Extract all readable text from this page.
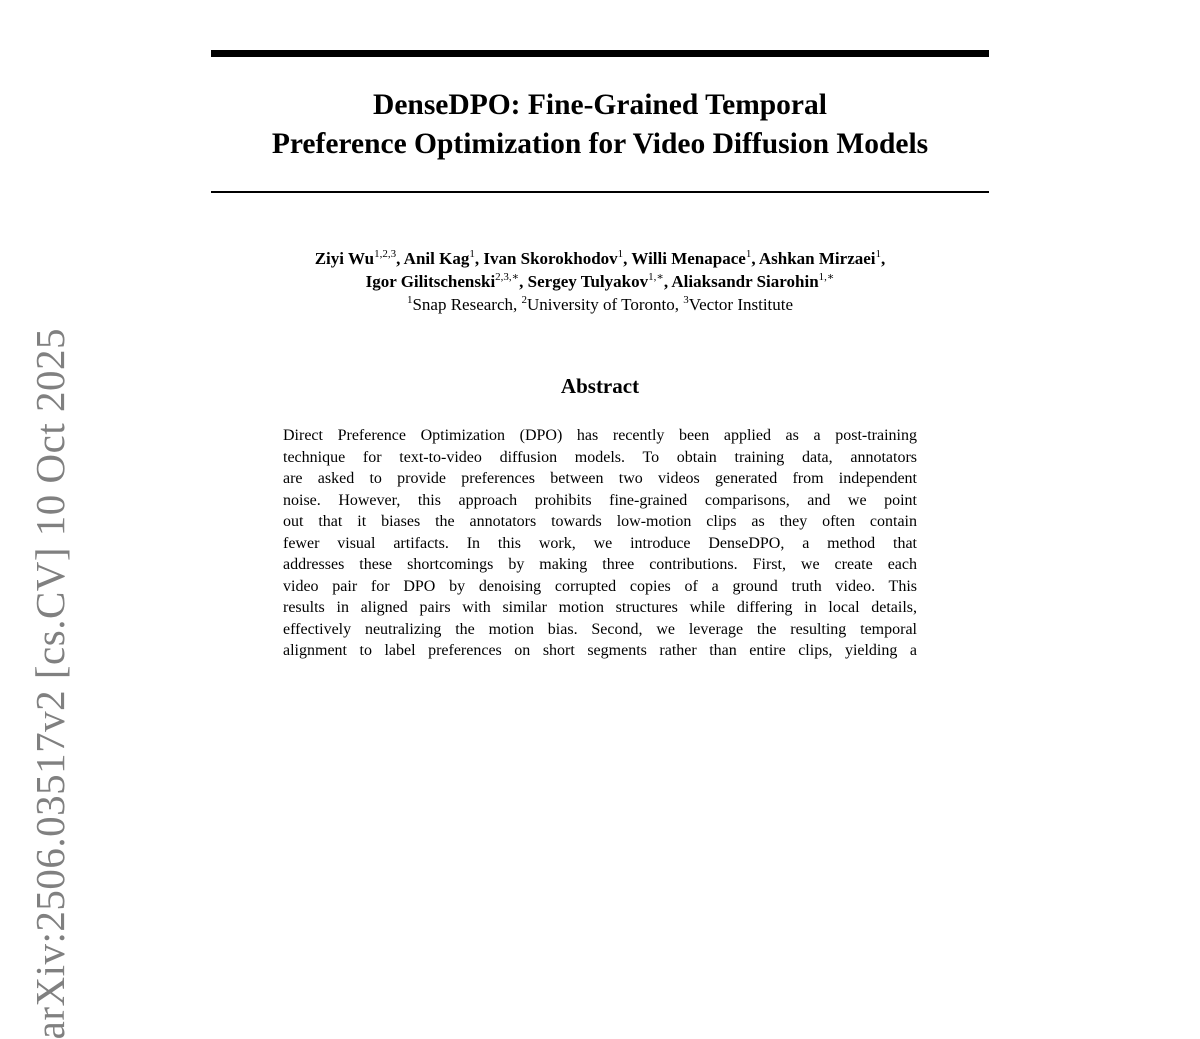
DenseDPO: Fine-Grained Temporal
Preference Optimization for Video Diffusion Models
Ziyi Wu$^{1,2,3}$, Anil Kag$^1$, Ivan Skorokhodov$^1$, Willi Menapace$^1$, Ashkan Mirzaei$^1$,
Igor Gilitschenski$^{2,3,∗}$, Sergey Tulyakov$^{1,∗}$, Aliaksandr Siarohin$^{1,∗}$
$^1$Snap Research, $^2$University of Toronto, $^3$Vector Institute
Abstract
Direct Preference Optimization (DPO) has recently been applied as a post-training
technique for text-to-video diffusion models. To obtain training data, annotators
are asked to provide preferences between two videos generated from independent
noise. However, this approach prohibits fine-grained comparisons, and we point
out that it biases the annotators towards low-motion clips as they often contain
fewer visual artifacts. In this work, we introduce DenseDPO, a method that
addresses these shortcomings by making three contributions. First, we create each
video pair for DPO by denoising corrupted copies of a ground truth video. This
results in aligned pairs with similar motion structures while differing in local details,
effectively neutralizing the motion bias. Second, we leverage the resulting temporal
alignment to label preferences on short segments rather than entire clips, yielding a
arXiv:2506.03517v2 [cs.CV] 10 Oct 2025
